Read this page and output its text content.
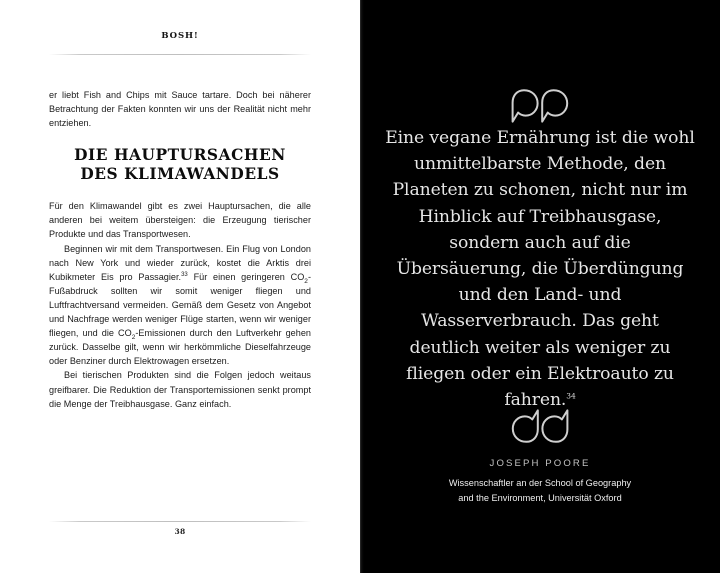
BOSH!

er liebt Fish and Chips mit Sauce tartare. Doch bei näherer Betrachtung der Fakten konnten wir uns der Realität nicht mehr entziehen.

DIE HAUPTURSACHEN DES KLIMAWANDELS

Für den Klimawandel gibt es zwei Hauptursachen, die alle anderen bei weitem übersteigen: die Erzeugung tierischer Produkte und das Transportwesen.

Beginnen wir mit dem Transportwesen. Ein Flug von London nach New York und wieder zurück, kostet die Arktis drei Kubikmeter Eis pro Passagier.$^{33}$ Für einen geringeren $CO_2$-Fußabdruck sollten wir somit weniger fliegen und Luftfrachtversand vermeiden. Gemäß dem Gesetz von Angebot und Nachfrage werden weniger Flüge starten, wenn wir weniger fliegen, und die $CO_2$-Emissionen durch den Luftverkehr gehen zurück. Dasselbe gilt, wenn wir herkömmliche Dieselfahrzeuge oder Benziner durch Elektrowagen ersetzen.

Bei tierischen Produkten sind die Folgen jedoch weitaus greifbarer. Die Reduktion der Transportemissionen senkt prompt die Menge der Treibhausgase. Ganz einfach.

38
Eine vegane Ernährung ist die wohl unmittelbarste Methode, den Planeten zu schonen, nicht nur im Hinblick auf Treibhausgase, sondern auch auf die Übersäuerung, die Überdüngung und den Land- und Wasserverbrauch. Das geht deutlich weiter als weniger zu fliegen oder ein Elektroauto zu fahren.$^{34}$
JOSEPH POORE
Wissenschaftler an der School of Geography
and the Environment, Universität Oxford
